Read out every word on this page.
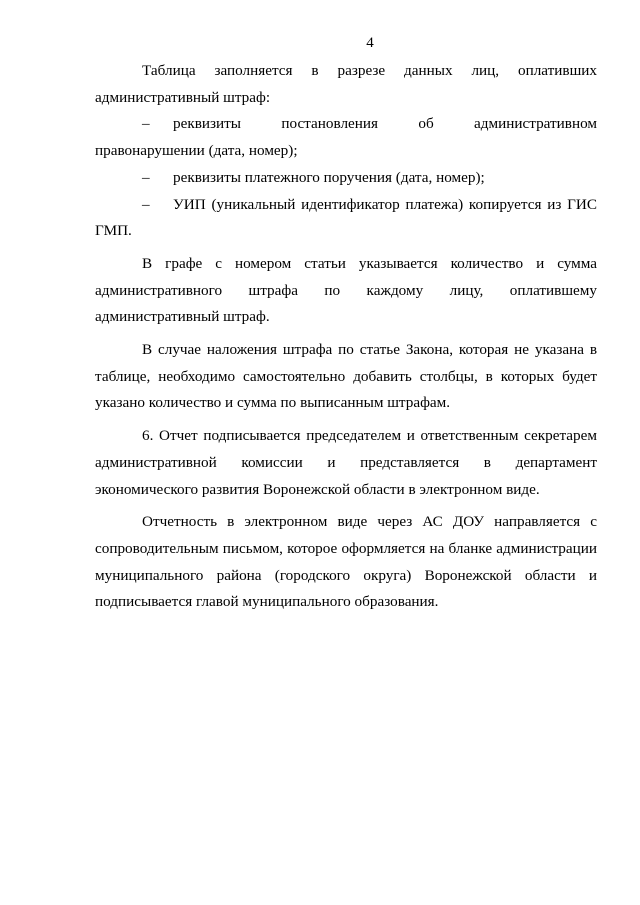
4

Таблица заполняется в разрезе данных лиц, оплативших административный штраф:

– реквизиты постановления об административном правонарушении (дата, номер);

– реквизиты платежного поручения (дата, номер);

– УИП (уникальный идентификатор платежа) копируется из ГИС ГМП.

В графе с номером статьи указывается количество и сумма административного штрафа по каждому лицу, оплатившему административный штраф.

В случае наложения штрафа по статье Закона, которая не указана в таблице, необходимо самостоятельно добавить столбцы, в которых будет указано количество и сумма по выписанным штрафам.

6. Отчет подписывается председателем и ответственным секретарем административной комиссии и представляется в департамент экономического развития Воронежской области в электронном виде.

Отчетность в электронном виде через АС ДОУ направляется с сопроводительным письмом, которое оформляется на бланке администрации муниципального района (городского округа) Воронежской области и подписывается главой муниципального образования.
